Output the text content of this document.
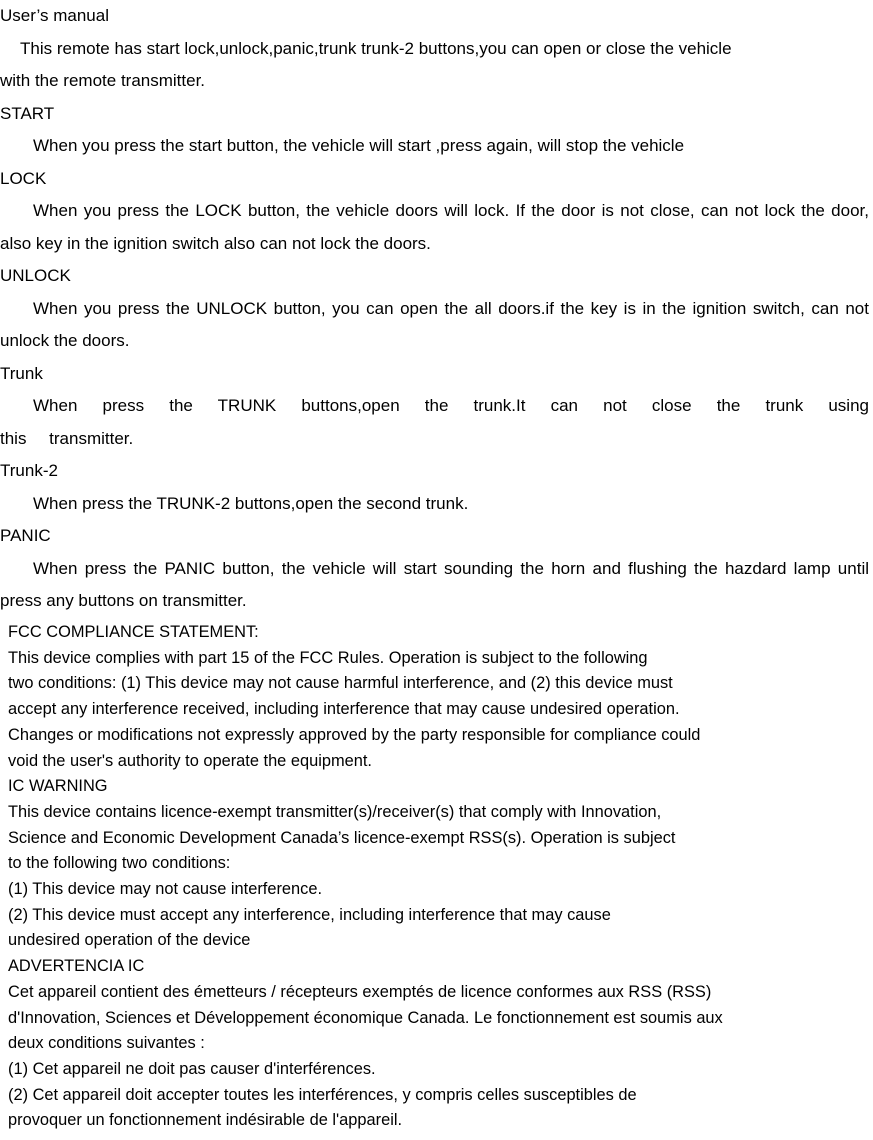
User’s manual

This remote has start lock,unlock,panic,trunk trunk-2 buttons,you can open or close the vehicle

with the remote transmitter.

START

When you press the start button, the vehicle will start ,press again, will stop the vehicle

LOCK

When you press the LOCK button, the vehicle doors will lock. If the door is not close, can not lock the door, also key in the ignition switch also can not lock the doors.

UNLOCK

When you press the UNLOCK button, you can open the all doors.if the key is in the ignition switch, can not unlock the doors.

Trunk

When press the TRUNK buttons,open the trunk.It can not close the trunk using this transmitter.

Trunk-2

When press the TRUNK-2 buttons,open the second trunk.

PANIC

When press the PANIC button, the vehicle will start sounding the horn and flushing the hazdard lamp until press any buttons on transmitter.

FCC COMPLIANCE STATEMENT:

This device complies with part 15 of the FCC Rules. Operation is subject to the following

two conditions: (1) This device may not cause harmful interference, and (2) this device must

accept any interference received, including interference that may cause undesired operation.

Changes or modifications not expressly approved by the party responsible for compliance could

void the user's authority to operate the equipment.

IC WARNING

This device contains licence-exempt transmitter(s)/receiver(s) that comply with Innovation,

Science and Economic Development Canada’s licence-exempt RSS(s). Operation is subject

to the following two conditions:

(1) This device may not cause interference.

(2) This device must accept any interference, including interference that may cause

undesired operation of the device

ADVERTENCIA IC

Cet appareil contient des émetteurs / récepteurs exemptés de licence conformes aux RSS (RSS)

d'Innovation, Sciences et Développement économique Canada. Le fonctionnement est soumis aux

deux conditions suivantes :

(1) Cet appareil ne doit pas causer d'interférences.

(2) Cet appareil doit accepter toutes les interférences, y compris celles susceptibles de

provoquer un fonctionnement indésirable de l'appareil.
